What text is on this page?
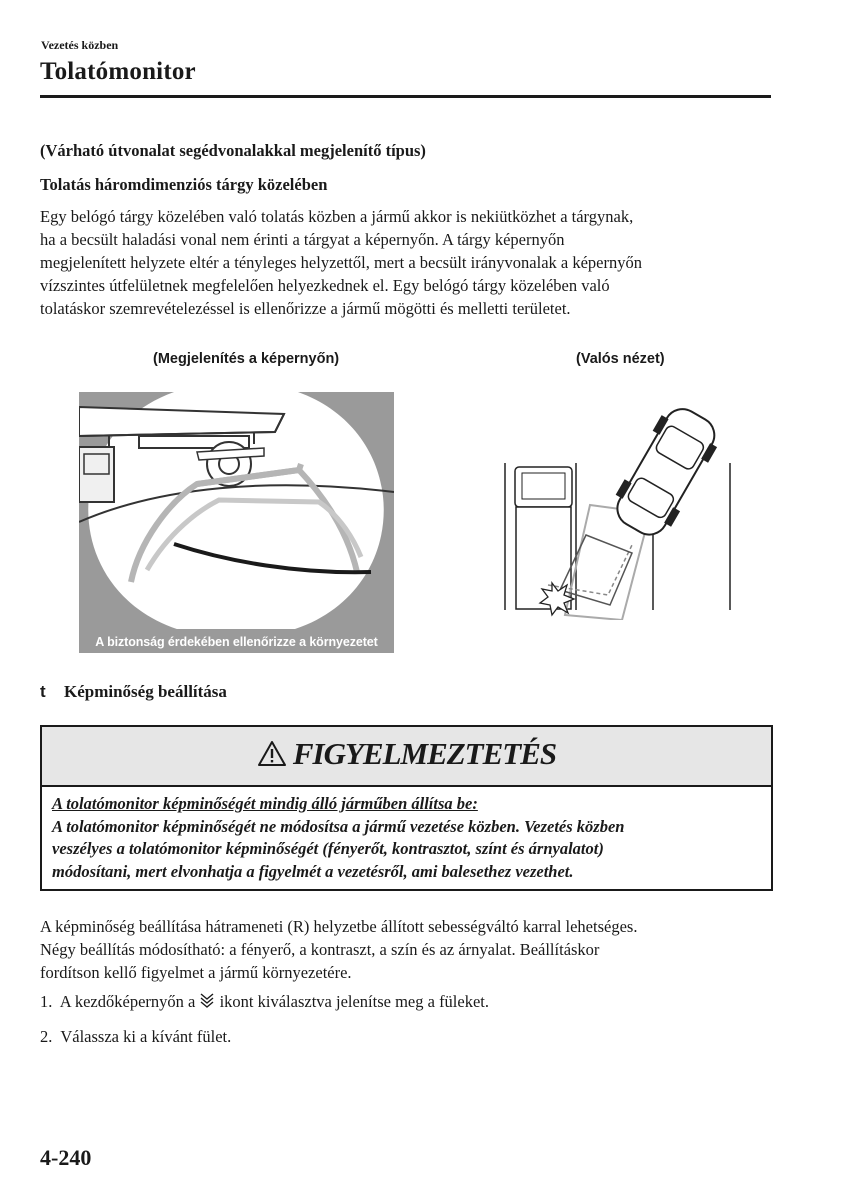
Vezetés közben
Tolatómonitor
(Várható útvonalat segédvonalakkal megjelenítő típus)
Tolatás háromdimenziós tárgy közelében
Egy belógó tárgy közelében való tolatás közben a jármű akkor is nekiütközhet a tárgynak,
ha a becsült haladási vonal nem érinti a tárgyat a képernyőn. A tárgy képernyőn
megjelenített helyzete eltér a tényleges helyzettől, mert a becsült irányvonalak a képernyőn
vízszintes útfelületnek megfelelően helyezkednek el. Egy belógó tárgy közelében való
tolatáskor szemrevételezéssel is ellenőrizze a jármű mögötti és melletti területet.
(Megjelenítés a képernyőn)	(Valós nézet)
A biztonság érdekében ellenőrizze a környezetet
t Képminőség beállítása
FIGYELMEZTETÉS
A tolatómonitor képminőségét mindig álló járműben állítsa be:
A tolatómonitor képminőségét ne módosítsa a jármű vezetése közben. Vezetés közben
veszélyes a tolatómonitor képminőségét (fényerőt, kontrasztot, színt és árnyalatot)
módosítani, mert elvonhatja a figyelmét a vezetésről, ami balesethez vezethet.
A képminőség beállítása hátrameneti (R) helyzetbe állított sebességváltó karral lehetséges.
Négy beállítás módosítható: a fényerő, a kontraszt, a szín és az árnyalat. Beállításkor
fordítson kellő figyelmet a jármű környezetére.
1.  A kezdőképernyőn a  ikont kiválasztva jelenítse meg a füleket.
2.  Válassza ki a kívánt fület.
4-240
